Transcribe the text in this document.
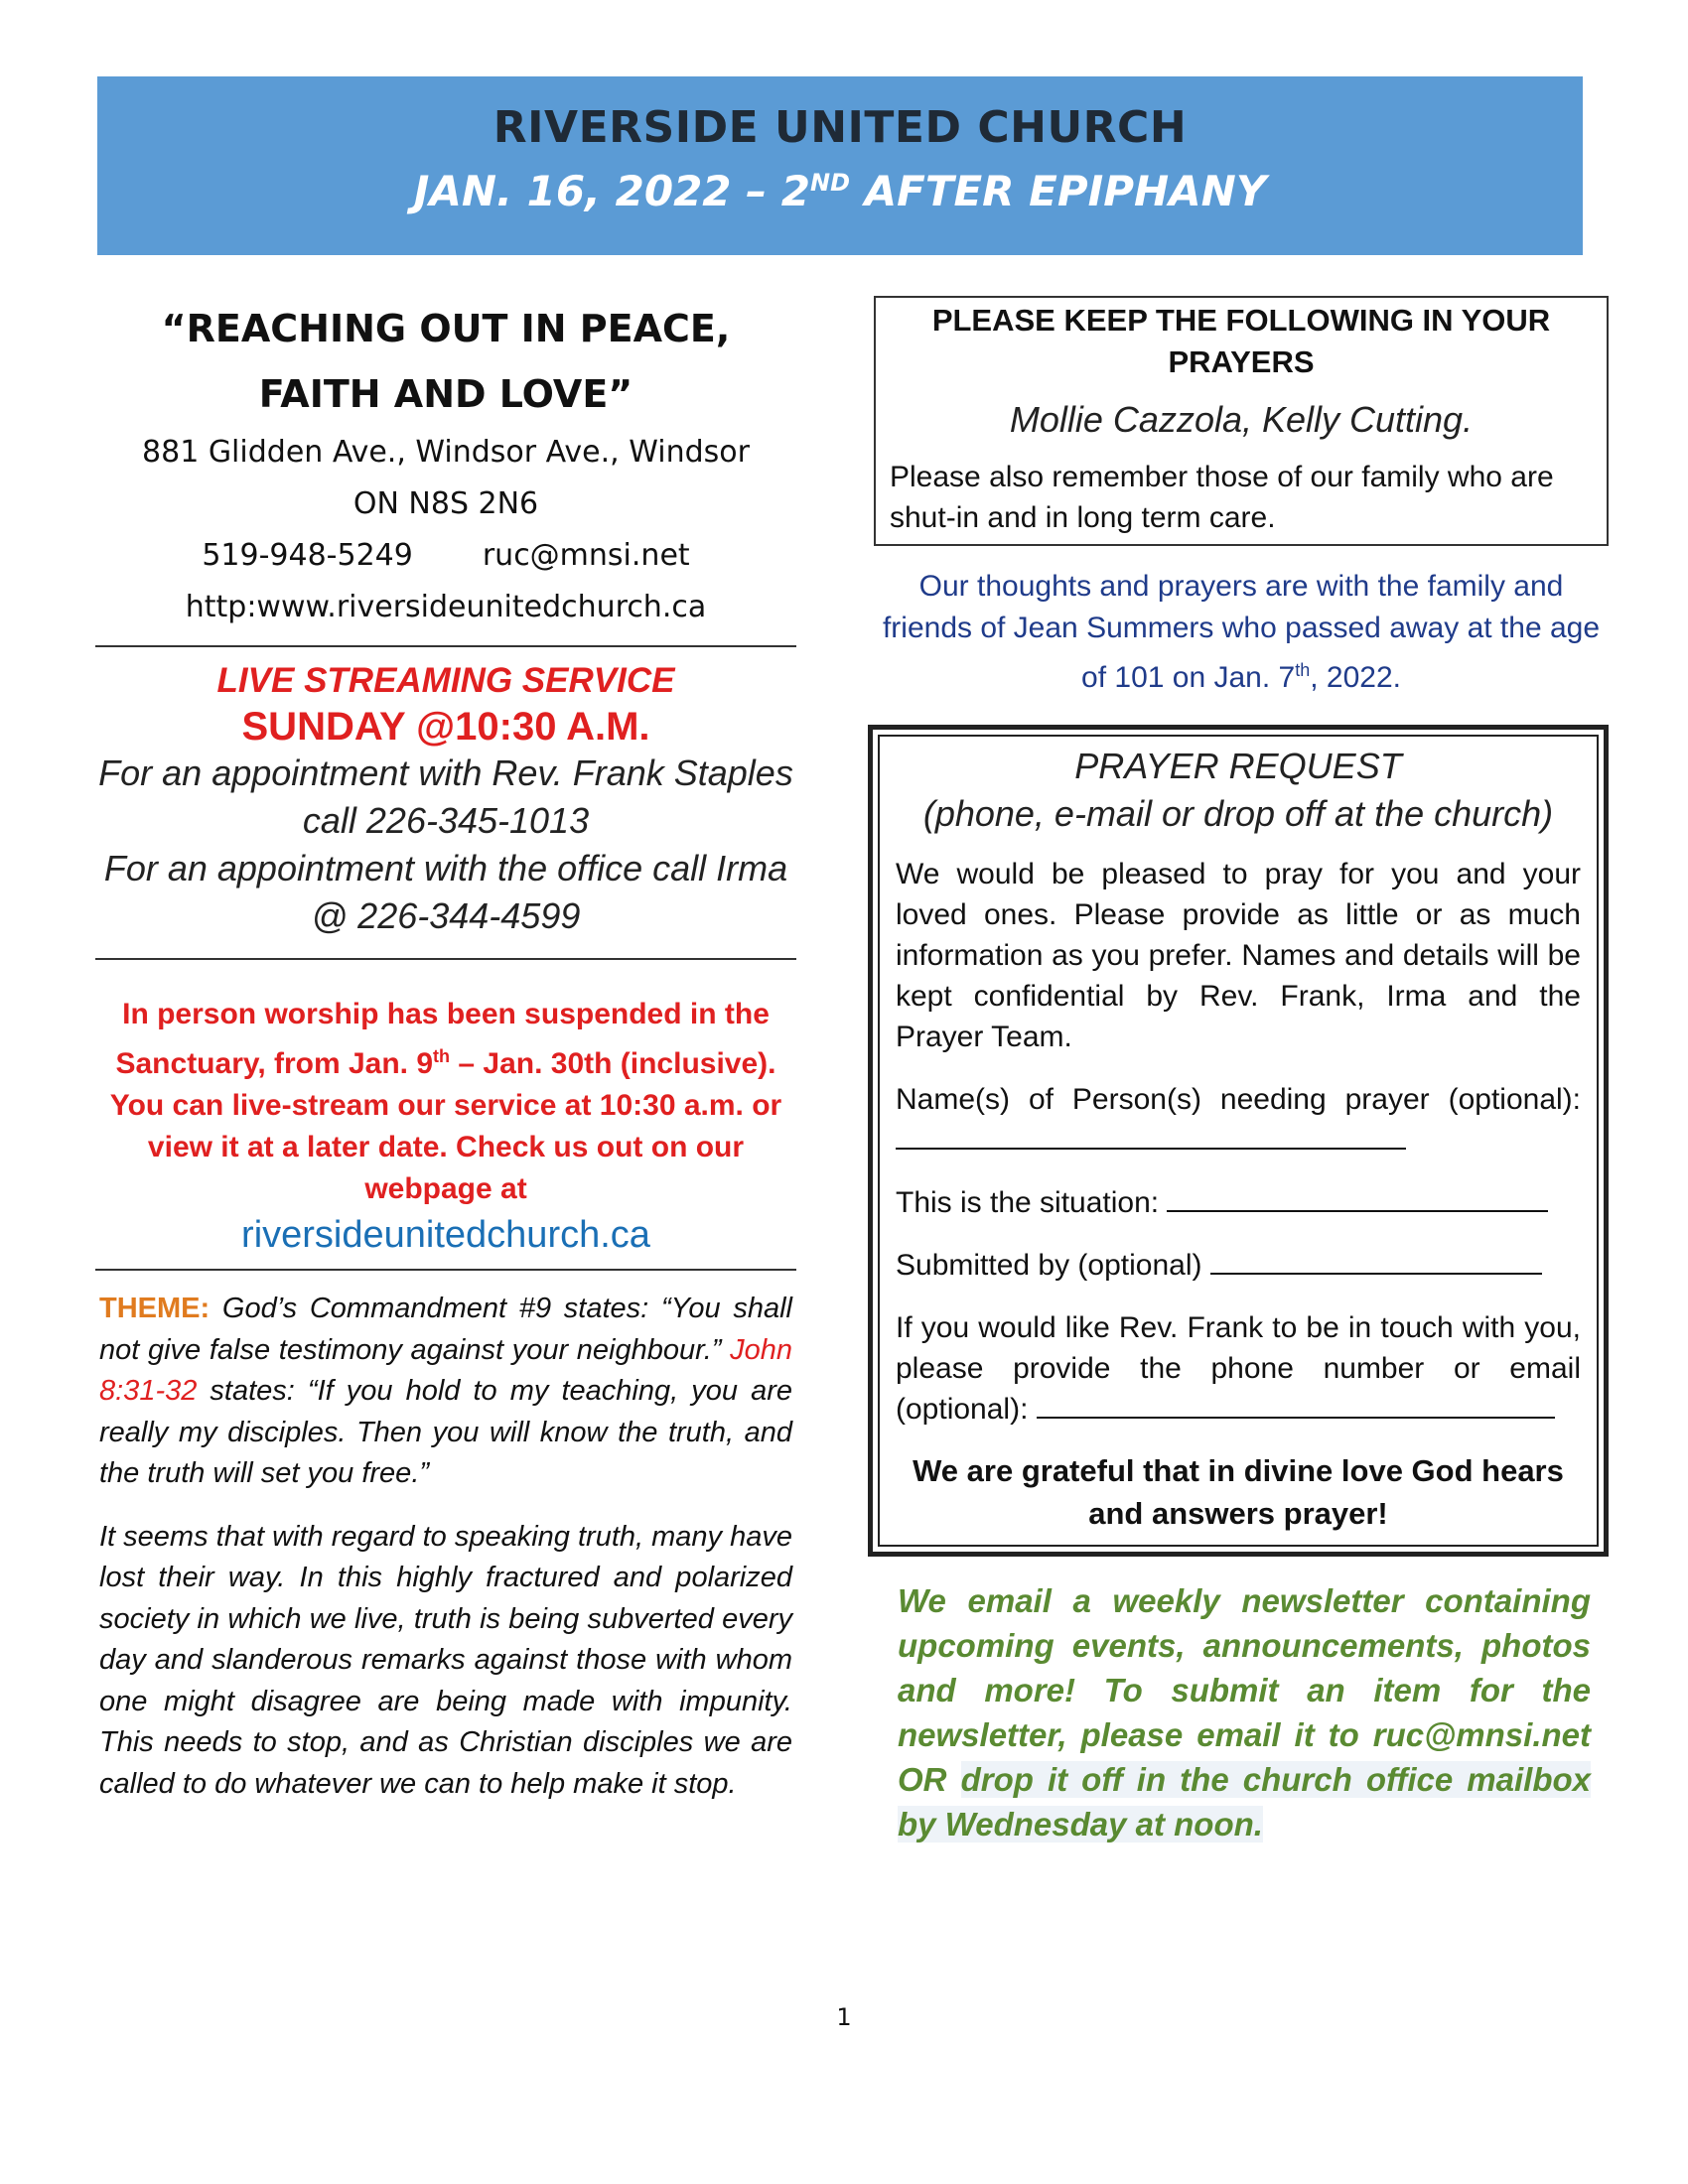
RIVERSIDE UNITED CHURCH
JAN. 16, 2022 – 2ND AFTER EPIPHANY
“REACHING OUT IN PEACE, FAITH AND LOVE”
881 Glidden Ave., Windsor Ave., Windsor
ON N8S 2N6
519-948-5249 ruc@mnsi.net
http:www.riversideunitedchurch.ca
LIVE STREAMING SERVICE
SUNDAY @10:30 A.M.
For an appointment with Rev. Frank Staples call 226-345-1013
For an appointment with the office call Irma @ 226-344-4599
In person worship has been suspended in the Sanctuary, from Jan. 9th – Jan. 30th (inclusive). You can live-stream our service at 10:30 a.m. or view it at a later date. Check us out on our webpage at
riversideunitedchurch.ca
THEME: God’s Commandment #9 states: “You shall not give false testimony against your neighbour.” John 8:31-32 states: “If you hold to my teaching, you are really my disciples. Then you will know the truth, and the truth will set you free.”
It seems that with regard to speaking truth, many have lost their way. In this highly fractured and polarized society in which we live, truth is being subverted every day and slanderous remarks against those with whom one might disagree are being made with impunity. This needs to stop, and as Christian disciples we are called to do whatever we can to help make it stop.
PLEASE KEEP THE FOLLOWING IN YOUR PRAYERS
Mollie Cazzola, Kelly Cutting.
Please also remember those of our family who are shut-in and in long term care.
Our thoughts and prayers are with the family and friends of Jean Summers who passed away at the age of 101 on Jan. 7th, 2022.
PRAYER REQUEST
(phone, e-mail or drop off at the church)
We would be pleased to pray for you and your loved ones. Please provide as little or as much information as you prefer. Names and details will be kept confidential by Rev. Frank, Irma and the Prayer Team.
Name(s) of Person(s) needing prayer (optional):
This is the situation:
Submitted by (optional)
If you would like Rev. Frank to be in touch with you, please provide the phone number or email (optional):
We are grateful that in divine love God hears and answers prayer!
We email a weekly newsletter containing upcoming events, announcements, photos and more! To submit an item for the newsletter, please email it to ruc@mnsi.net OR drop it off in the church office mailbox by Wednesday at noon.
1
